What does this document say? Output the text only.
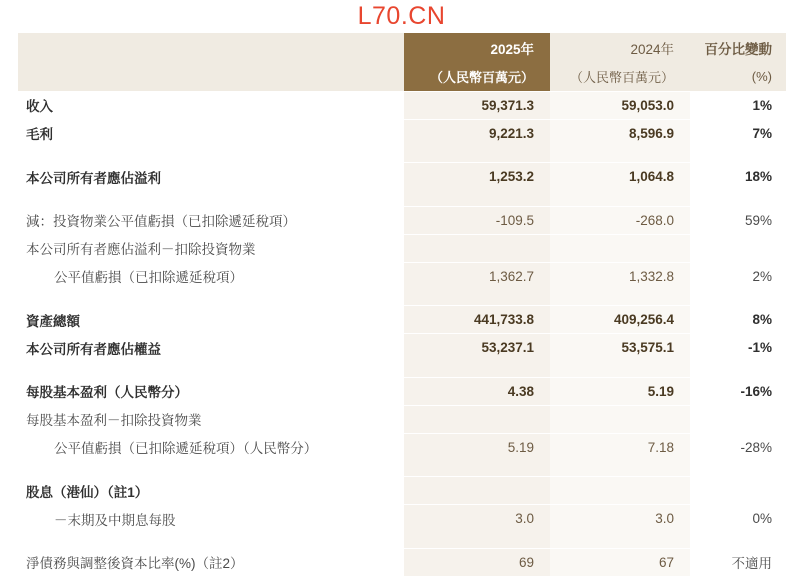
L70.CN
	2025年	2024年	百分比變動
	（人民幣百萬元）	（人民幣百萬元）	(%)
收入	59,371.3	59,053.0	1%
毛利	9,221.3	8,596.9	7%

本公司所有者應佔溢利	1,253.2	1,064.8	18%

減：投資物業公平值虧損（已扣除遞延稅項）	-109.5	-268.0	59%
本公司所有者應佔溢利－扣除投資物業			
公平值虧損（已扣除遞延稅項）	1,362.7	1,332.8	2%

資產總額	441,733.8	409,256.4	8%
本公司所有者應佔權益	53,237.1	53,575.1	-1%

每股基本盈利（人民幣分）	4.38	5.19	-16%
每股基本盈利－扣除投資物業			
公平值虧損（已扣除遞延稅項）（人民幣分）	5.19	7.18	-28%

股息（港仙）（註1）			
－末期及中期息每股	3.0	3.0	0%

淨債務與調整後資本比率(%)（註2）	69	67	不適用
